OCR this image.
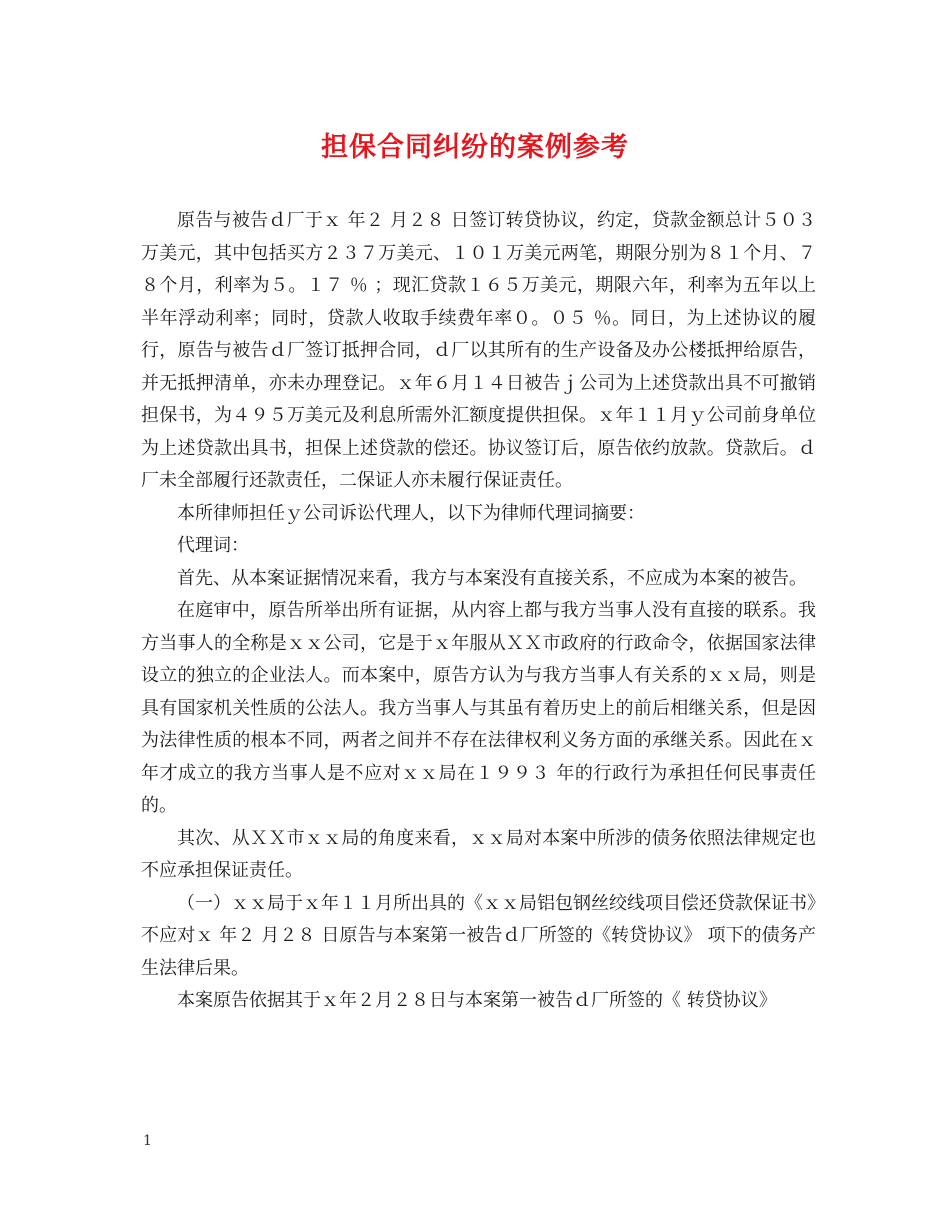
担保合同纠纷的案例参考

原告与被告ｄ厂于ｘ 年２ 月２８ 日签订转贷协议，约定，贷款金额总计５０３万美元，其中包括买方２３７万美元、１０１万美元两笔，期限分别为８１个月、７８个月，利率为５。１７ ％ ；现汇贷款１６５万美元，期限六年，利率为五年以上半年浮动利率；同时，贷款人收取手续费年率０。０５ ％。同日，为上述协议的履行，原告与被告ｄ厂签订抵押合同，ｄ厂以其所有的生产设备及办公楼抵押给原告，并无抵押清单，亦未办理登记。ｘ年６月１４日被告ｊ公司为上述贷款出具不可撤销担保书，为４９５万美元及利息所需外汇额度提供担保。ｘ年１１月ｙ公司前身单位为上述贷款出具书，担保上述贷款的偿还。协议签订后，原告依约放款。贷款后。ｄ厂未全部履行还款责任，二保证人亦未履行保证责任。

本所律师担任ｙ公司诉讼代理人，以下为律师代理词摘要：

代理词：

首先、从本案证据情况来看，我方与本案没有直接关系，不应成为本案的被告。

在庭审中，原告所举出所有证据，从内容上都与我方当事人没有直接的联系。我方当事人的全称是ｘｘ公司，它是于ｘ年服从ＸＸ市政府的行政命令，依据国家法律设立的独立的企业法人。而本案中，原告方认为与我方当事人有关系的ｘｘ局，则是具有国家机关性质的公法人。我方当事人与其虽有着历史上的前后相继关系，但是因为法律性质的根本不同，两者之间并不存在法律权利义务方面的承继关系。因此在ｘ年才成立的我方当事人是不应对ｘｘ局在１９９３ 年的行政行为承担任何民事责任的。

其次、从ＸＸ市ｘｘ局的角度来看，ｘｘ局对本案中所涉的债务依照法律规定也不应承担保证责任。

（一）ｘｘ局于ｘ年１１月所出具的《ｘｘ局铝包钢丝绞线项目偿还贷款保证书》不应对ｘ 年２ 月２８ 日原告与本案第一被告ｄ厂所签的《转贷协议》 项下的债务产生法律后果。

本案原告依据其于ｘ年２月２８日与本案第一被告ｄ厂所签的《 转贷协议》

1
